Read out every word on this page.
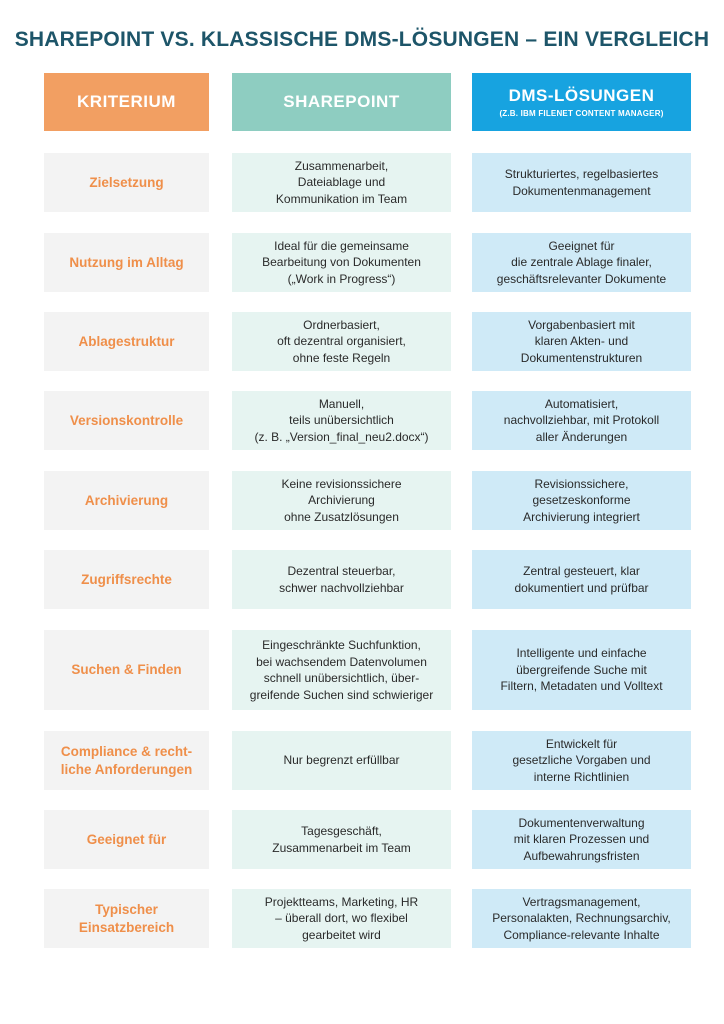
SHAREPOINT VS. KLASSISCHE DMS-LÖSUNGEN – EIN VERGLEICH
KRITERIUM	SHAREPOINT	DMS-LÖSUNGEN
(Z.B. IBM FILENET CONTENT MANAGER)
Zielsetzung
Zusammenarbeit,
Dateiablage und
Kommunikation im Team
Strukturiertes, regelbasiertes
Dokumentenmanagement
Nutzung im Alltag
Ideal für die gemeinsame
Bearbeitung von Dokumenten
(„Work in Progress“)
Geeignet für
die zentrale Ablage finaler,
geschäftsrelevanter Dokumente
Ablagestruktur
Ordnerbasiert,
oft dezentral organisiert,
ohne feste Regeln
Vorgabenbasiert mit
klaren Akten- und
Dokumentenstrukturen
Versionskontrolle
Manuell,
teils unübersichtlich
(z. B. „Version_final_neu2.docx“)
Automatisiert,
nachvollziehbar, mit Protokoll
aller Änderungen
Archivierung
Keine revisionssichere
Archivierung
ohne Zusatzlösungen
Revisionssichere,
gesetzeskonforme
Archivierung integriert
Zugriffsrechte
Dezentral steuerbar,
schwer nachvollziehbar
Zentral gesteuert, klar
dokumentiert und prüfbar
Suchen & Finden
Eingeschränkte Suchfunktion,
bei wachsendem Datenvolumen
schnell unübersichtlich, über-
greifende Suchen sind schwieriger
Intelligente und einfache
übergreifende Suche mit
Filtern, Metadaten und Volltext
Compliance & recht-
liche Anforderungen
Nur begrenzt erfüllbar
Entwickelt für
gesetzliche Vorgaben und
interne Richtlinien
Geeignet für
Tagesgeschäft,
Zusammenarbeit im Team
Dokumentenverwaltung
mit klaren Prozessen und
Aufbewahrungsfristen
Typischer
Einsatzbereich
Projektteams, Marketing, HR
– überall dort, wo flexibel
gearbeitet wird
Vertragsmanagement,
Personalakten, Rechnungsarchiv,
Compliance-relevante Inhalte
